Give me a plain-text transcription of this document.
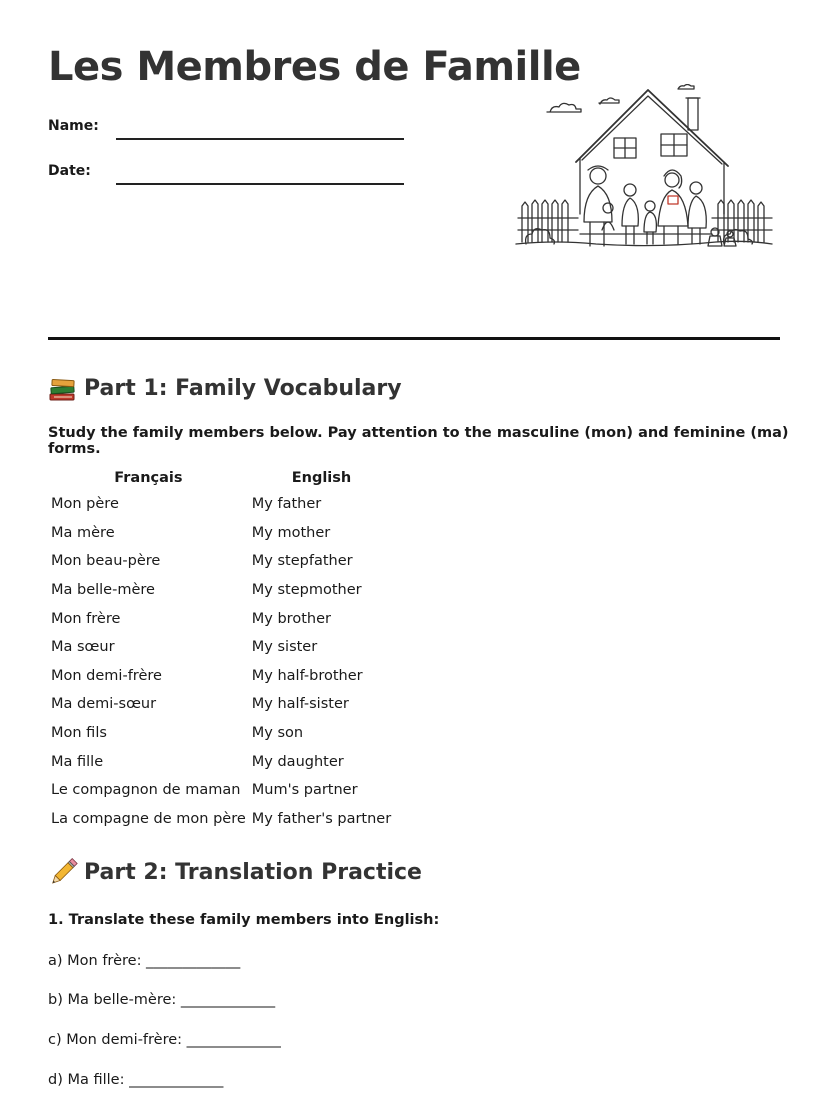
Les Membres de Famille
Name:
Date:
Part 1: Family Vocabulary

Study the family members below. Pay attention to the masculine (mon) and feminine (ma) forms.

Français	English
Mon père	My father
Ma mère	My mother
Mon beau-père	My stepfather
Ma belle-mère	My stepmother
Mon frère	My brother
Ma sœur	My sister
Mon demi-frère	My half-brother
Ma demi-sœur	My half-sister
Mon fils	My son
Ma fille	My daughter
Le compagnon de maman	Mum's partner
La compagne de mon père	My father's partner
Part 2: Translation Practice

1. Translate these family members into English:

a) Mon frère: _____________

b) Ma belle-mère: _____________

c) Mon demi-frère: _____________

d) Ma fille: _____________
